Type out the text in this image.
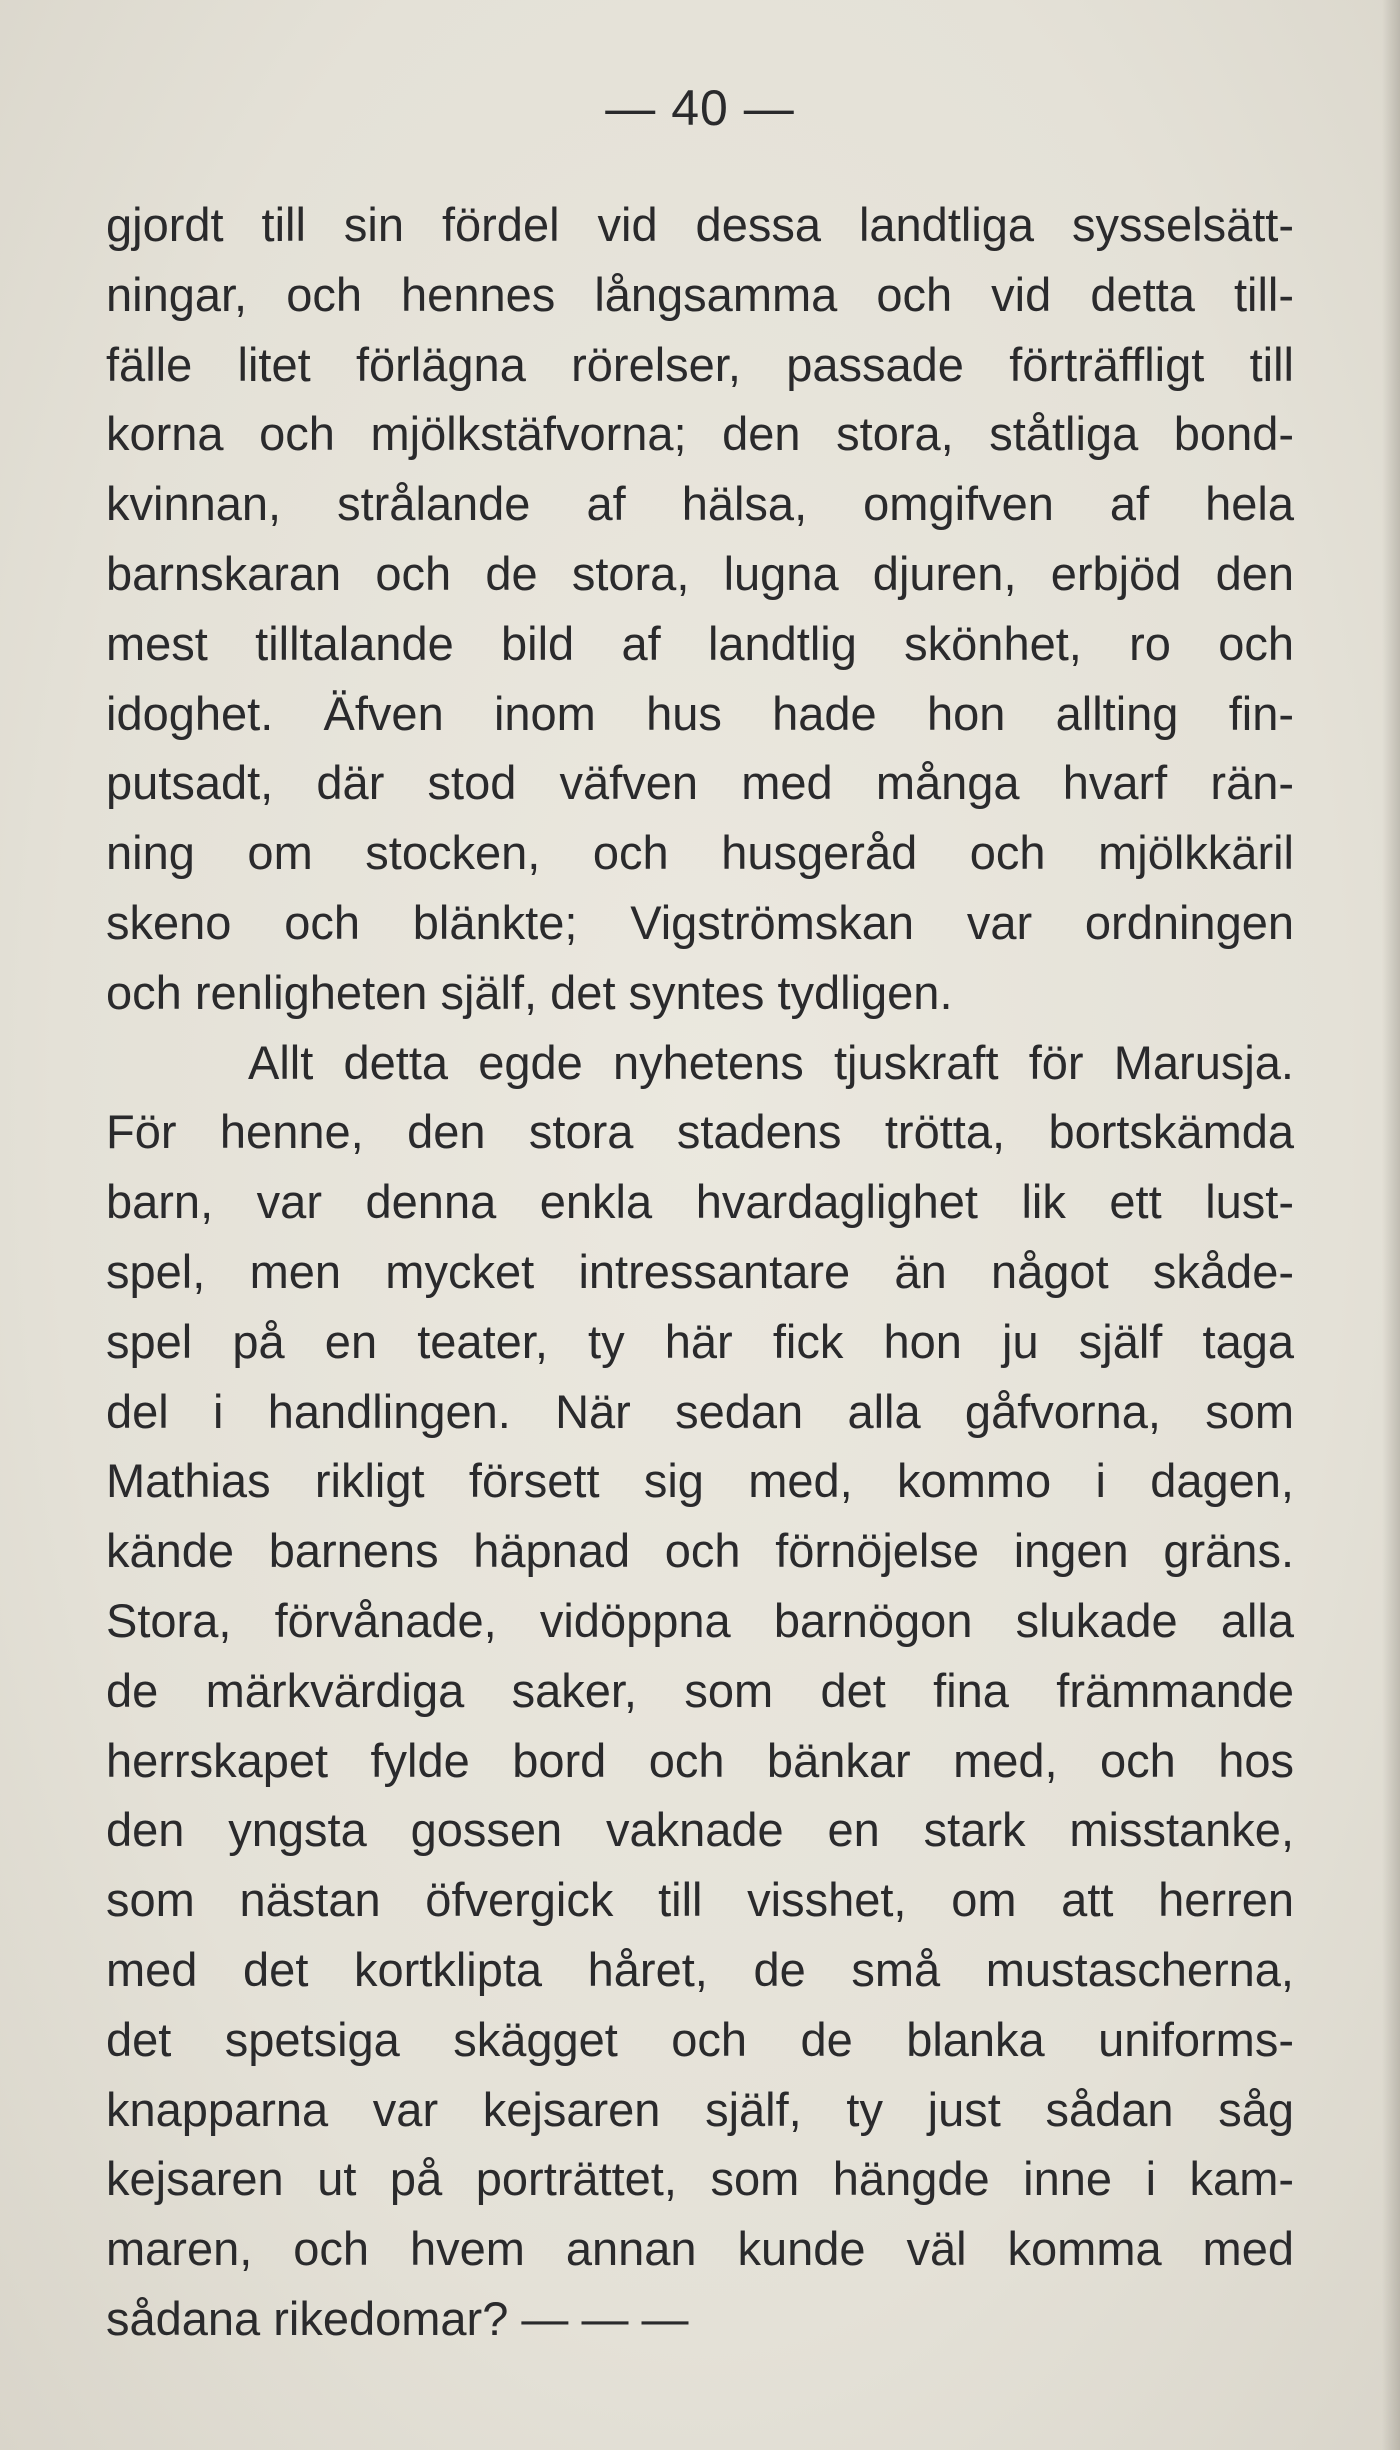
— 40 —
gjordt till sin fördel vid dessa landtliga sysselsätt-
ningar, och hennes långsamma och vid detta till-
fälle litet förlägna rörelser, passade förträffligt till
korna och mjölkstäfvorna; den stora, ståtliga bond-
kvinnan, strålande af hälsa, omgifven af hela
barnskaran och de stora, lugna djuren, erbjöd den
mest tilltalande bild af landtlig skönhet, ro och
idoghet. Äfven inom hus hade hon allting fin-
putsadt, där stod väfven med många hvarf rän-
ning om stocken, och husgeråd och mjölkkäril
skeno och blänkte; Vigströmskan var ordningen
och renligheten själf, det syntes tydligen.
Allt detta egde nyhetens tjuskraft för Marusja.
För henne, den stora stadens trötta, bortskämda
barn, var denna enkla hvardaglighet lik ett lust-
spel, men mycket intressantare än något skåde-
spel på en teater, ty här fick hon ju själf taga
del i handlingen. När sedan alla gåfvorna, som
Mathias rikligt försett sig med, kommo i dagen,
kände barnens häpnad och förnöjelse ingen gräns.
Stora, förvånade, vidöppna barnögon slukade alla
de märkvärdiga saker, som det fina främmande
herrskapet fylde bord och bänkar med, och hos
den yngsta gossen vaknade en stark misstanke,
som nästan öfvergick till visshet, om att herren
med det kortklipta håret, de små mustascherna,
det spetsiga skägget och de blanka uniforms-
knapparna var kejsaren själf, ty just sådan såg
kejsaren ut på porträttet, som hängde inne i kam-
maren, och hvem annan kunde väl komma med
sådana rikedomar? — — —
